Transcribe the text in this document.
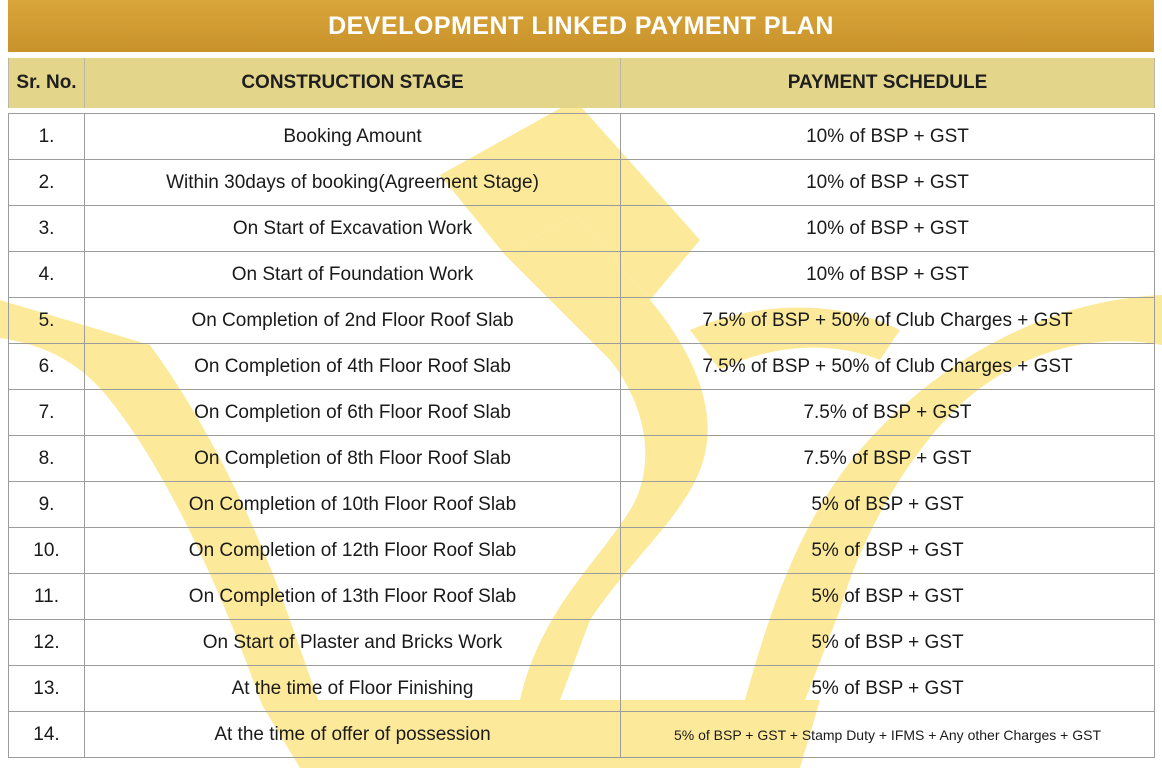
DEVELOPMENT LINKED PAYMENT PLAN
Sr. No.	CONSTRUCTION STAGE	PAYMENT SCHEDULE
1.	Booking Amount	10% of BSP + GST
2.	Within 30days of booking(Agreement Stage)	10% of BSP + GST
3.	On Start of Excavation Work	10% of BSP + GST
4.	On Start of Foundation Work	10% of BSP + GST
5.	On Completion of 2nd Floor Roof Slab	7.5% of BSP + 50% of Club Charges + GST
6.	On Completion of 4th Floor Roof Slab	7.5% of BSP + 50% of Club Charges + GST
7.	On Completion of 6th Floor Roof Slab	7.5% of BSP + GST
8.	On Completion of 8th Floor Roof Slab	7.5% of BSP + GST
9.	On Completion of 10th Floor Roof Slab	5% of BSP + GST
10.	On Completion of 12th Floor Roof Slab	5% of BSP + GST
11.	On Completion of 13th Floor Roof Slab	5% of BSP + GST
12.	On Start of Plaster and Bricks Work	5% of BSP + GST
13.	At the time of Floor Finishing	5% of BSP + GST
14.	At the time of offer of possession	5% of BSP + GST + Stamp Duty + IFMS + Any other Charges + GST
